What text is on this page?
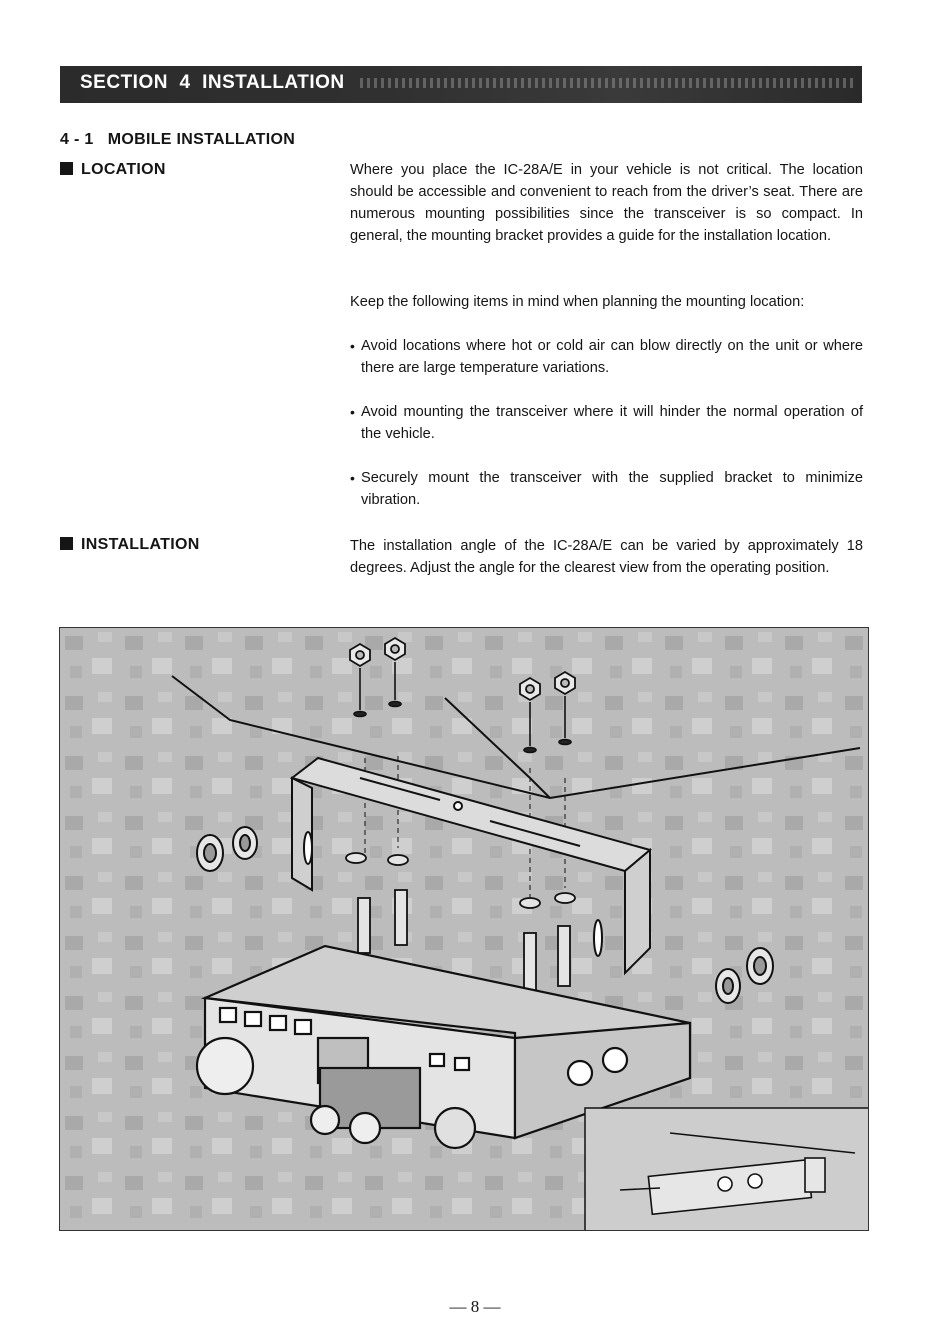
SECTION  4  INSTALLATION
4 - 1   MOBILE INSTALLATION
LOCATION	Where you place the IC-28A/E in your vehicle is not critical. The location should be accessible and convenient to reach from the driver’s seat. There are numerous mounting possibilities since the transceiver is so compact. In general, the mounting bracket provides a guide for the installation location.

Keep the following items in mind when planning the mounting location:

• Avoid locations where hot or cold air can blow directly on the unit or where there are large temperature variations.
• Avoid mounting the transceiver where it will hinder the normal operation of the vehicle.
• Securely mount the transceiver with the supplied bracket to minimize vibration.
INSTALLATION	The installation angle of the IC-28A/E can be varied by approximately 18 degrees. Adjust the angle for the clearest view from the operating position.

— 8 —
